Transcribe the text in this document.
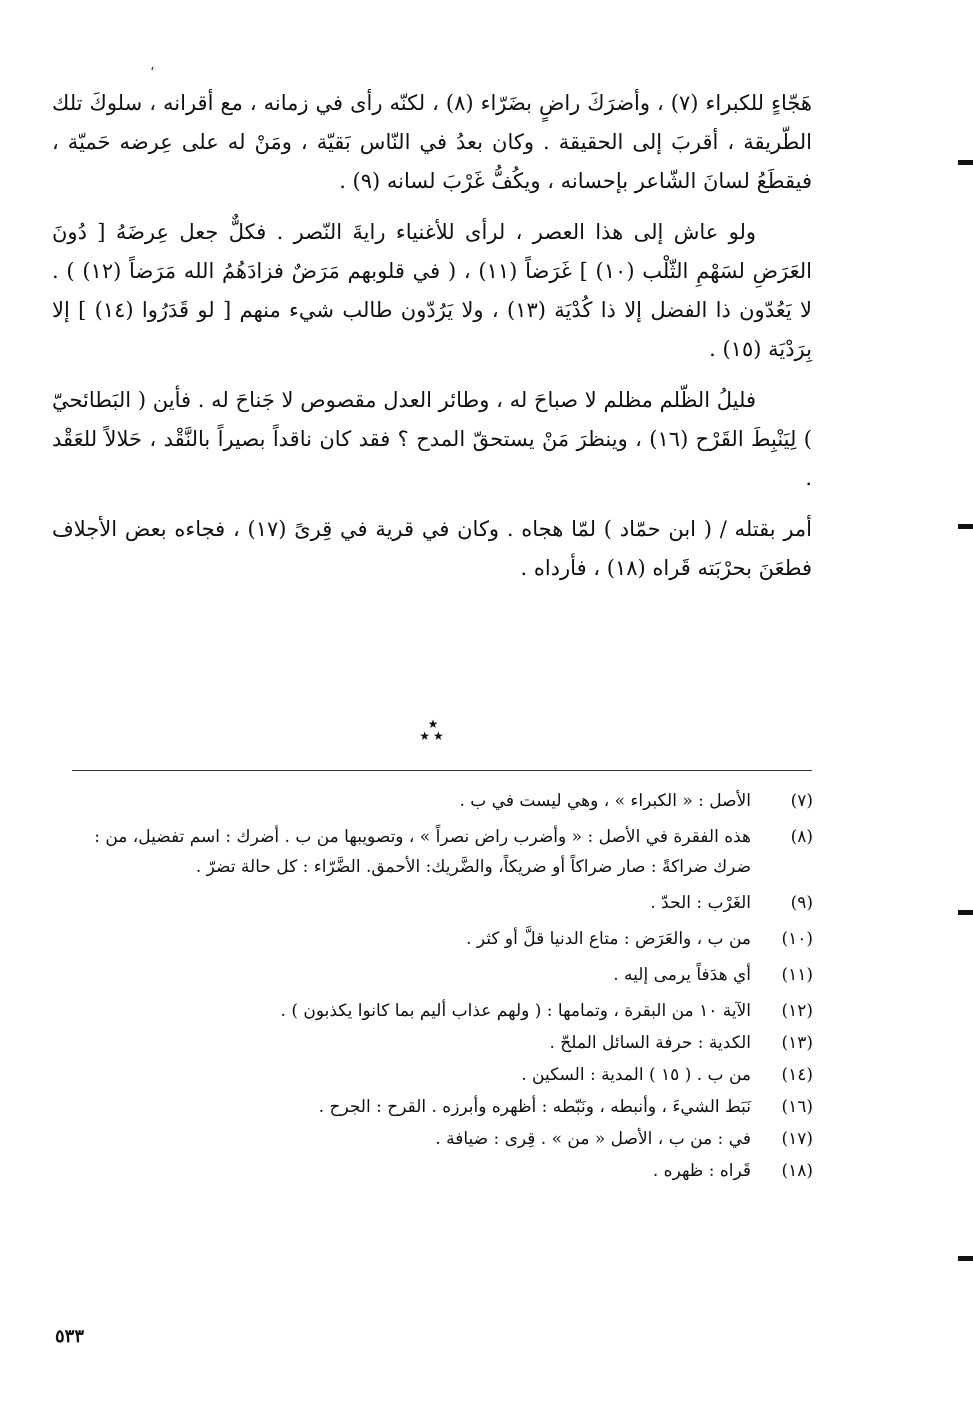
،

هَجّاءٍ للكبراء (٧) ، وأضرَكَ راضٍ بضَرّاء (٨) ، لكنّه رأى في زمانه ، مع أقرانه ، سلوكَ تلك الطّريقة ، أقربَ إلى الحقيقة . وكان بعدُ في النّاس بَقيّة ، ومَنْ له على عِرضه حَميّة ، فيقطَعُ لسانَ الشّاعر بإحسانه ، ويكُفُّ غَرْبَ لسانه (٩) .

ولو عاش إلى هذا العصر ، لرأى للأغنياء رايةَ النّصر . فكلٌّ جعل عِرضَهُ [ دُونَ العَرَضِ لسَهْمِ الثّلْب (١٠) ] غَرَضاً (١١) ، ( في قلوبهم مَرَضٌ فزادَهُمُ الله مَرَضاً (١٢) ) . لا يَعُدّون ذا الفضل إلا ذا كُدْيَة (١٣) ، ولا يَرُدّون طالب شيء منهم [ لو قَدَرُوا (١٤) ] إلا بِرَدْيَة (١٥) .

فليلُ الظّلم مظلم لا صباحَ له ، وطائر العدل مقصوص لا جَناحَ له . فأين ( البَطائحيّ ) لِيَنْبِطَ القَرْح (١٦) ، وينظرَ مَنْ يستحقّ المدح ؟ فقد كان ناقداً بصيراً بالنَّقْد ، حَلالاً للعَقْد .

أمر بقتله / ( ابن حمّاد ) لمّا هجاه . وكان في قرية في قِرىً (١٧) ، فجاءه بعض الأجلاف فطعَنَ بحرْبَته قَراه (١٨) ، فأرداه .

★
★★
(٧)
الأصل : « الكبراء » ، وهي ليست في ب .
(٨)
هذه الفقرة في الأصل : « وأضرب راض نصراً » ، وتصويبها من ب . أضرك : اسم تفضيل، من : ضرك ضراكةً : صار ضراكاً أو ضريكاً، والضَّريك: الأحمق. الضَّرّاء : كل حالة تضرّ .
(٩)
الغَرْب : الحدّ .
(١٠)
من ب ، والعَرَض : متاع الدنيا قلَّ أو كثر .
(١١)
أي هدَفاً يرمى إليه .
(١٢)
الآية ١٠ من البقرة ، وتمامها : ( ولهم عذاب أليم بما كانوا يكذبون ) .
(١٣)
الكدية : حرفة السائل الملحّ .
(١٤)
من ب . ( ١٥ ) المدية : السكين .
(١٦)
نَبَط الشيءَ ، وأنبطه ، ونَبّطه : أظهره وأبرزه . القرح : الجرح .
(١٧)
في : من ب ، الأصل « من » . قِرى : ضيافة .
(١٨)
قَراه : ظهره .
٥٣٣
